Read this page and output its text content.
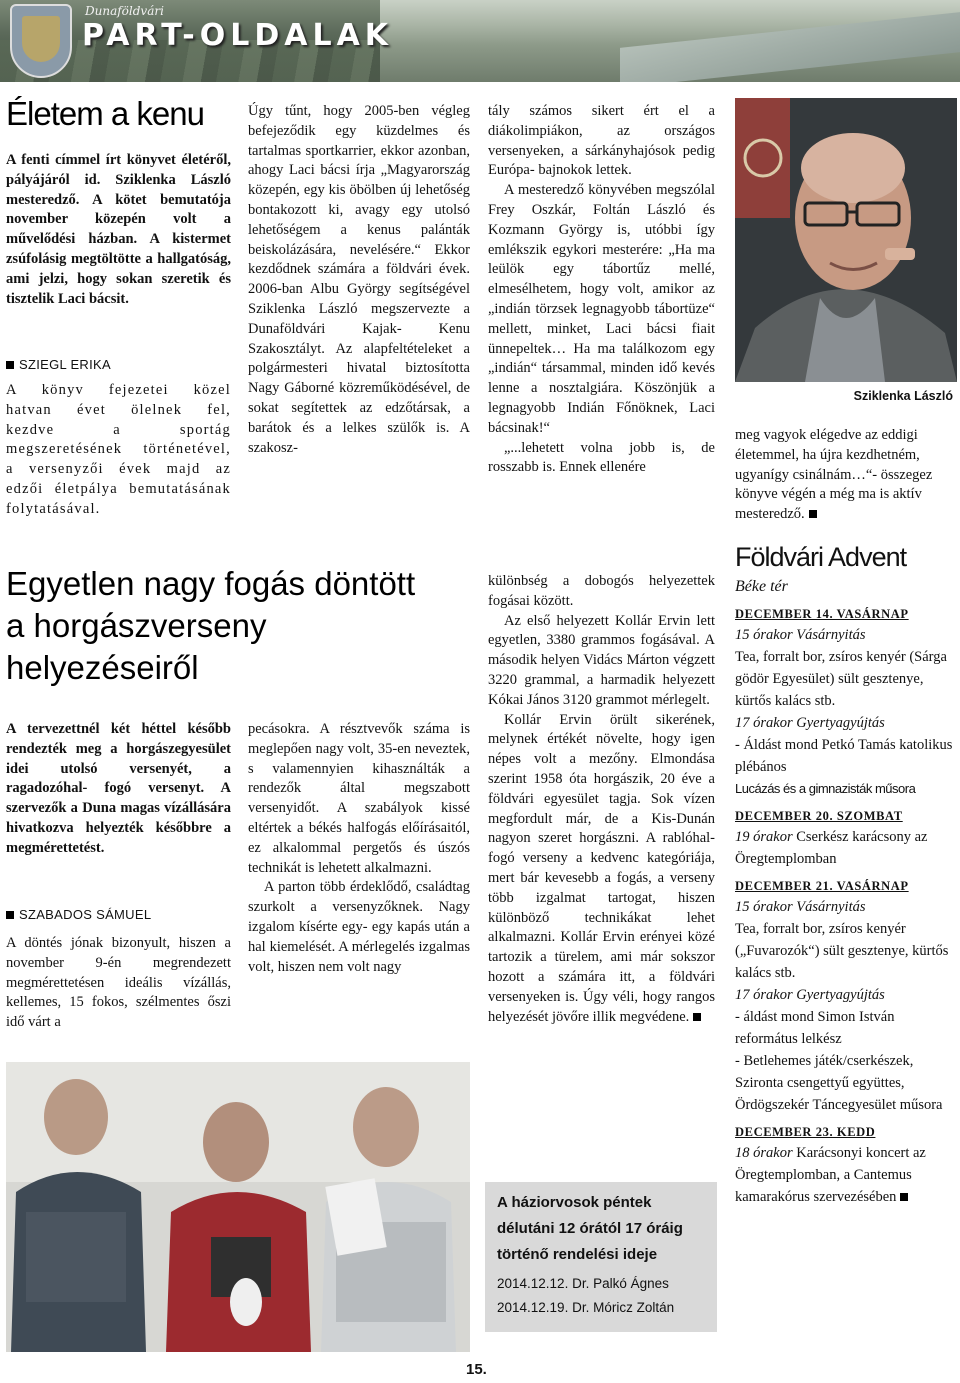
Dunaföldvári
PART-OLDALAK
Életem a kenu
A fenti címmel írt könyvet életéről, pályájáról id. Sziklenka László mesteredző. A kötet bemutatója november közepén volt a művelődési házban. A kistermet zsúfolásig megtöltötte a hallgatóság, ami jelzi, hogy sokan szeretik és tisztelik Laci bácsit.
SZIEGL ERIKA
A könyv fejezetei közel hatvan évet ölelnek fel, kezdve a sportág megszeretésének történetével, a versenyzői évek majd az edzői életpálya bemutatásának folytatásával.
Úgy tűnt, hogy 2005-ben végleg befejeződik egy küzdelmes és tartalmas sportkarrier, ekkor azonban, ahogy Laci bácsi írja „Magyarország közepén, egy kis öbölben új lehetőség bontakozott ki, avagy egy utolsó lehetőségem a kenus palánták beiskolázására, nevelésére.“ Ekkor kezdődnek számára a földvári évek. 2006-ban Albu György segítségével Sziklenka László megszervezte a Dunaföldvári Kajak- Kenu Szakosztályt. Az alapfeltételeket a polgármesteri hivatal biztosította Nagy Gáborné közreműködésével, de sokat segítettek az edzőtársak, a barátok és a lelkes szülők is. A szakosz-

tály számos sikert ért el a diákolimpiákon, az országos versenyeken, a sárkányhajósok pedig Európa- bajnokok lettek.

A mesteredző könyvében megszólal Frey Oszkár, Foltán László és Kozmann György is, utóbbi így emlékszik egykori mesterére: „Ha ma leülök egy tábortűz mellé, elmesélhetem, hogy volt, amikor az „indián törzsek legnagyobb tábortüze“ mellett, minket, Laci bácsi fiait ünnepeltek… Ha ma találkozom egy „indián“ társammal, minden idő kevés lenne a nosztalgiára. Köszönjük a legnagyobb Indián Főnöknek, Laci bácsinak!“

„...lehetett volna jobb is, de rosszabb is. Ennek ellenére

Sziklenka László
meg vagyok elégedve az eddigi életemmel, ha újra kezdhetném, ugyanígy csinálnám…“- összegez könyve végén a még ma is aktív mesteredző.
Egyetlen nagy fogás döntött
a horgászverseny
helyezéseiről
A tervezettnél két héttel később rendezték meg a horgászegyesület idei utolsó versenyét, a ragadozóhal- fogó versenyt. A szervezők a Duna magas vízállására hivatkozva helyezték későbbre a megmérettetést.
SZABADOS SÁMUEL
A döntés jónak bizonyult, hiszen a november 9-én megrendezett megmérettetésen ideális vízállás, kellemes, 15 fokos, szélmentes őszi idő várt a

pecásokra. A résztvevők száma is meglepően nagy volt, 35-en neveztek, s valamennyien kihasználták a rendezők által megszabott versenyidőt. A szabályok kissé eltértek a békés halfogás előírásaitól, ez alkalommal pergetős és úszós technikát is lehetett alkalmazni.

A parton több érdeklődő, családtag szurkolt a versenyzőknek. Nagy izgalom kísérte egy- egy kapás után a hal kiemelését. A mérlegelés izgalmas volt, hiszen nem volt nagy

különbség a dobogós helyezettek fogásai között.

Az első helyezett Kollár Ervin lett egyetlen, 3380 grammos fogásával. A második helyen Vidács Márton végzett 3220 grammal, a harmadik helyezett Kókai János 3120 grammot mérlegelt.

Kollár Ervin örült sikerének, melynek értékét növelte, hogy igen népes volt a mezőny. Elmondása szerint 1958 óta horgászik, 20 éve a földvári egyesület tagja. Sok vízen megfordult már, de a Kis-Dunán nagyon szeret horgászni. A rablóhal- fogó verseny a kedvenc kategóriája, mert bár kevesebb a fogás, a verseny több izgalmat tartogat, hiszen különböző technikákat lehet alkalmazni. Kollár Ervin erényei közé tartozik a türelem, ami már sokszor hozott a számára itt, a földvári versenyeken is. Úgy véli, hogy rangos helyezését jövőre illik megvédene.

A háziorvosok péntek délutáni 12 órától 17 óráig történő rendelési ideje
2014.12.12. Dr. Palkó Ágnes
2014.12.19. Dr. Móricz Zoltán
Földvári Advent
Béke tér
DECEMBER 14. VASÁRNAP
15 órakor Vásárnyitás
Tea, forralt bor, zsíros kenyér (Sárga gödör Egyesület) sült gesztenye, kürtős kalács stb.
17 órakor Gyertyagyújtás
- Áldást mond Petkó Tamás katolikus plébános
Lucázás és a gimnazisták műsora
DECEMBER 20. SZOMBAT
19 órakor Cserkész karácsony az Öregtemplomban
DECEMBER 21. VASÁRNAP
15 órakor Vásárnyitás
Tea, forralt bor, zsíros kenyér („Fuvarozók“) sült gesztenye, kürtős kalács stb.
17 órakor Gyertyagyújtás
- áldást mond Simon István református lelkész
- Betlehemes játék/cserkészek, Szironta csengettyű együttes, Ördögszekér Táncegyesület műsora
DECEMBER 23. KEDD
18 órakor Karácsonyi koncert az Öregtemplomban, a Cantemus kamarakórus szervezésében
15.
